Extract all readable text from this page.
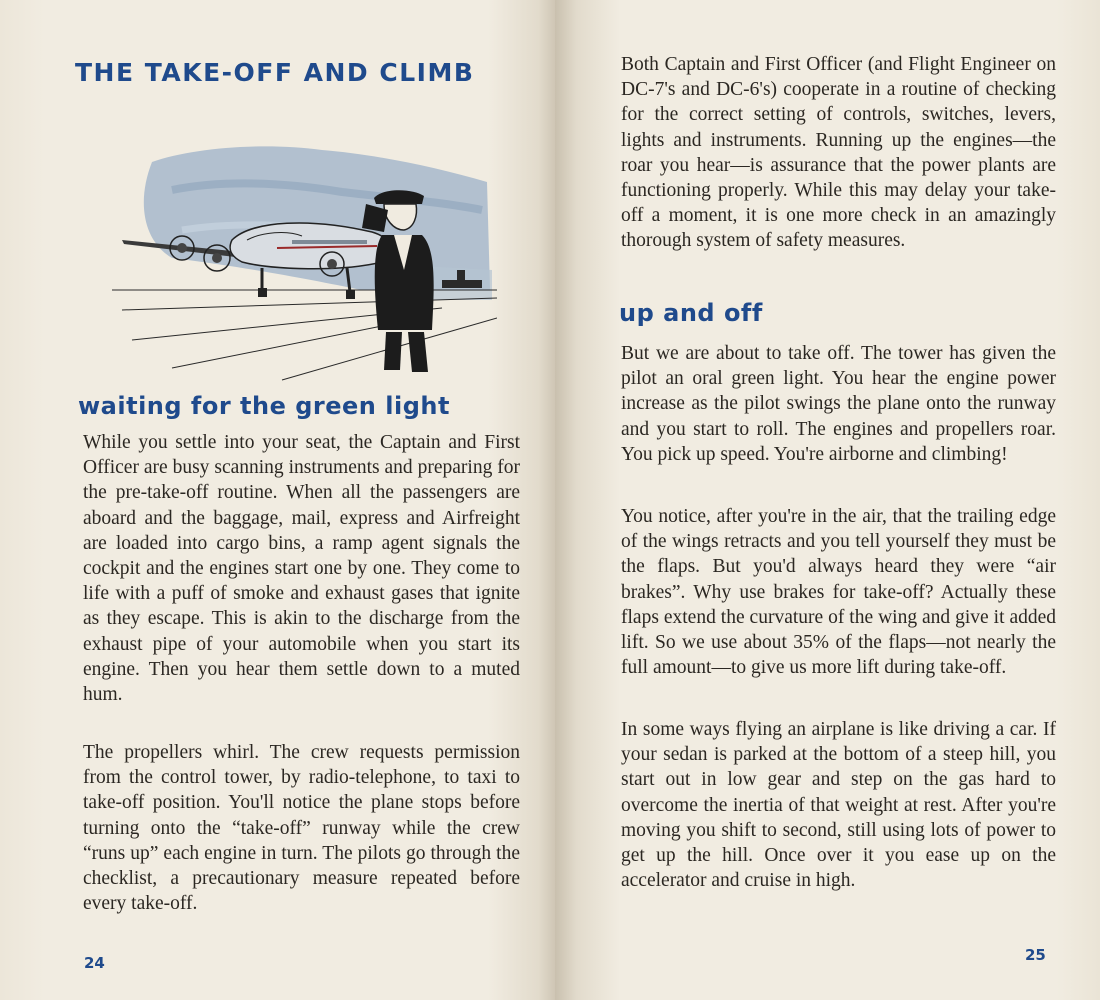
THE TAKE-OFF AND CLIMB
waiting for the green light

While you settle into your seat, the Captain and First Officer are busy scanning instruments and preparing for the pre-take-off routine. When all the passengers are aboard and the baggage, mail, express and Airfreight are loaded into cargo bins, a ramp agent signals the cockpit and the engines start one by one. They come to life with a puff of smoke and exhaust gases that ignite as they escape. This is akin to the discharge from the exhaust pipe of your automobile when you start its engine. Then you hear them settle down to a muted hum.

The propellers whirl. The crew requests permission from the control tower, by radio-telephone, to taxi to take-off position. You'll notice the plane stops before turning onto the “take-off” runway while the crew “runs up” each engine in turn. The pilots go through the checklist, a precautionary measure repeated before every take-off.

24

Both Captain and First Officer (and Flight Engineer on DC-7's and DC-6's) cooperate in a routine of checking for the correct setting of controls, switches, levers, lights and instruments. Running up the engines—the roar you hear—is assurance that the power plants are functioning properly. While this may delay your take-off a moment, it is one more check in an amazingly thorough system of safety measures.

up and off

But we are about to take off. The tower has given the pilot an oral green light. You hear the engine power increase as the pilot swings the plane onto the runway and you start to roll. The engines and propellers roar. You pick up speed. You're airborne and climbing!

You notice, after you're in the air, that the trailing edge of the wings retracts and you tell yourself they must be the flaps. But you'd always heard they were “air brakes”. Why use brakes for take-off? Actually these flaps extend the curvature of the wing and give it added lift. So we use about 35% of the flaps—not nearly the full amount—to give us more lift during take-off.

In some ways flying an airplane is like driving a car. If your sedan is parked at the bottom of a steep hill, you start out in low gear and step on the gas hard to overcome the inertia of that weight at rest. After you're moving you shift to second, still using lots of power to get up the hill. Once over it you ease up on the accelerator and cruise in high.

25
